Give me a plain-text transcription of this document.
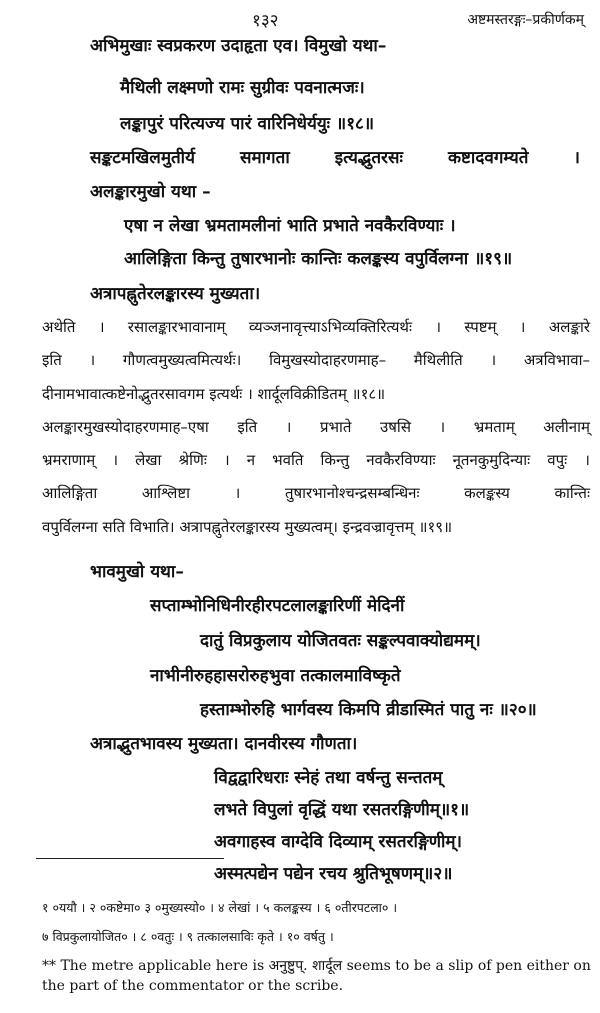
१३२	अष्टमस्तरङ्गः–प्रकीर्णकम्
अभिमुखाः स्वप्रकरण उदाहृता एव। विमुखो यथा–
मैथिली लक्ष्मणो रामः सुग्रीवः पवनात्मजः।
लङ्कापुरं परित्यज्य पारं वारिनिधेर्ययुः ॥१८॥
सङ्कटमखिलमुतीर्य	समागता	इत्यद्भुतरसः	कष्टादवगम्यते	।
अलङ्कारमुखो यथा –
एषा न लेखा भ्रमतामलीनां भाति प्रभाते नवकैरविण्याः ।
आलिङ्गिता किन्तु तुषारभानोः कान्तिः कलङ्कस्य वपुर्विलग्ना ॥१९॥
अत्रापह्नुतेरलङ्कारस्य मुख्यता।
अथेति । रसालङ्कारभावानाम् व्यञ्जनावृत्त्याऽभिव्यक्तिरित्यर्थः । स्पष्टम् । अलङ्कारे
इति । गौणत्वमुख्यत्वमित्यर्थः। विमुखस्योदाहरणमाह– मैथिलीति । अत्रविभावा–
दीनामभावात्कष्टेनोद्भुतरसावगम इत्यर्थः । शार्दूलविक्रीडितम् ॥१८॥
अलङ्कारमुखस्योदाहरणमाह–एषा इति । प्रभाते उषसि । भ्रमताम् अलीनाम्
भ्रमराणाम् । लेखा श्रेणिः । न भवति किन्तु नवकैरविण्याः नूतनकुमुदिन्याः वपुः ।
आलिङ्गिता	आश्लिष्टा	।	तुषारभानोश्चन्द्रसम्बन्धिनः	कलङ्कस्य	कान्तिः
वपुर्विलग्ना सति विभाति। अत्रापह्नुतेरलङ्कारस्य मुख्यत्वम्। इन्द्रवज्रावृत्तम् ॥१९॥
भावमुखो यथा–
सप्ताम्भोनिधिनीरहीरपटलालङ्कारिणीं मेदिनीं
दातुं विप्रकुलाय योजितवतः सङ्कल्पवाक्योद्यमम्।
नाभीनीरुहहासरोरुहभुवा तत्कालमाविष्कृते
हस्ताम्भोरुहि भार्गवस्य किमपि व्रीडास्मितं पातु नः ॥२०॥
अत्राद्भुतभावस्य मुख्यता। दानवीरस्य गौणता।
विद्वद्वारिधराः स्नेहं तथा वर्षन्तु सन्ततम्
लभते विपुलां वृद्धिं यथा रसतरङ्गिणीम्॥१॥
अवगाहस्व वाग्देवि दिव्याम् रसतरङ्गिणीम्।
अस्मत्पद्येन पद्येन रचय श्रुतिभूषणम्॥२॥
१ ०ययौ । २ ०कष्टेमा० ३ ०मुख्यस्यो० । ४ लेखां । ५ कलङ्कस्य । ६ ०तीरपटला० ।
७ विप्रकुलायोजित० । ८ ०वतुः । ९ तत्कालसाविः कृते । १० वर्षतु ।
** The metre applicable here is अनुष्टुप्. शार्दूल seems to be a slip of pen either on the part of the commentator or the scribe.
